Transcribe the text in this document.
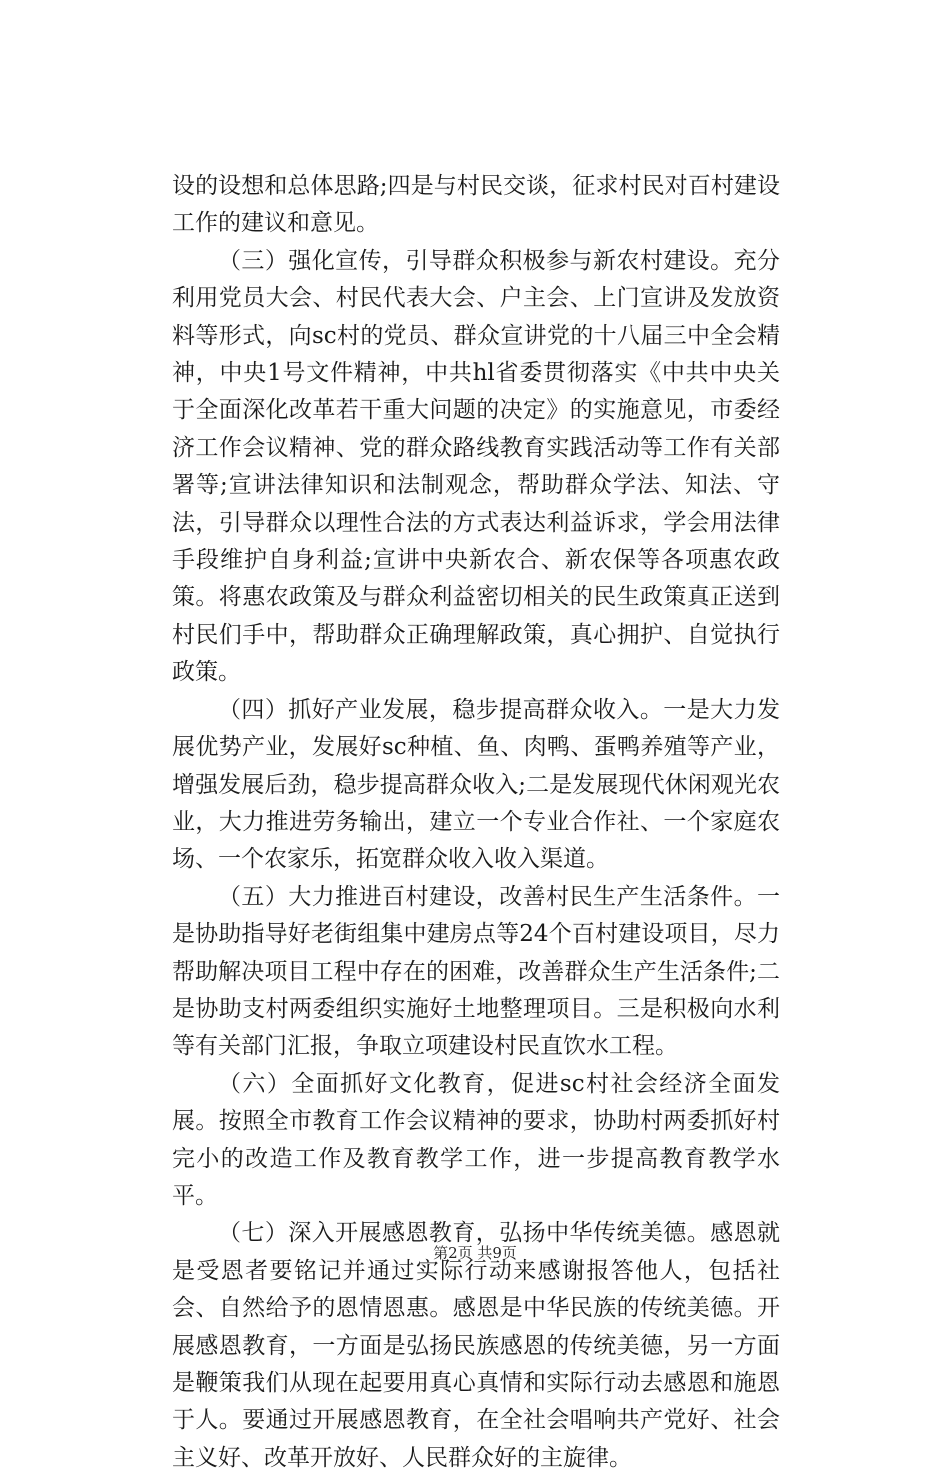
设的设想和总体思路;四是与村民交谈，征求村民对百村建设工作的建议和意见。

（三）强化宣传，引导群众积极参与新农村建设。充分利用党员大会、村民代表大会、户主会、上门宣讲及发放资料等形式，向sc村的党员、群众宣讲党的十八届三中全会精神，中央1号文件精神，中共hl省委贯彻落实《中共中央关于全面深化改革若干重大问题的决定》的实施意见，市委经济工作会议精神、党的群众路线教育实践活动等工作有关部署等;宣讲法律知识和法制观念，帮助群众学法、知法、守法，引导群众以理性合法的方式表达利益诉求，学会用法律手段维护自身利益;宣讲中央新农合、新农保等各项惠农政策。将惠农政策及与群众利益密切相关的民生政策真正送到村民们手中，帮助群众正确理解政策，真心拥护、自觉执行政策。

（四）抓好产业发展，稳步提高群众收入。一是大力发展优势产业，发展好sc种植、鱼、肉鸭、蛋鸭养殖等产业，增强发展后劲，稳步提高群众收入;二是发展现代休闲观光农业，大力推进劳务输出，建立一个专业合作社、一个家庭农场、一个农家乐，拓宽群众收入收入渠道。

（五）大力推进百村建设，改善村民生产生活条件。一是协助指导好老街组集中建房点等24个百村建设项目，尽力帮助解决项目工程中存在的困难，改善群众生产生活条件;二是协助支村两委组织实施好土地整理项目。三是积极向水利等有关部门汇报，争取立项建设村民直饮水工程。

（六）全面抓好文化教育，促进sc村社会经济全面发展。按照全市教育工作会议精神的要求，协助村两委抓好村完小的改造工作及教育教学工作，进一步提高教育教学水平。

（七）深入开展感恩教育，弘扬中华传统美德。感恩就是受恩者要铭记并通过实际行动来感谢报答他人，包括社会、自然给予的恩情恩惠。感恩是中华民族的传统美德。开展感恩教育，一方面是弘扬民族感恩的传统美德，另一方面是鞭策我们从现在起要用真心真情和实际行动去感恩和施恩于人。要通过开展感恩教育，在全社会唱响共产党好、社会主义好、改革开放好、人民群众好的主旋律。

第2页 共9页
